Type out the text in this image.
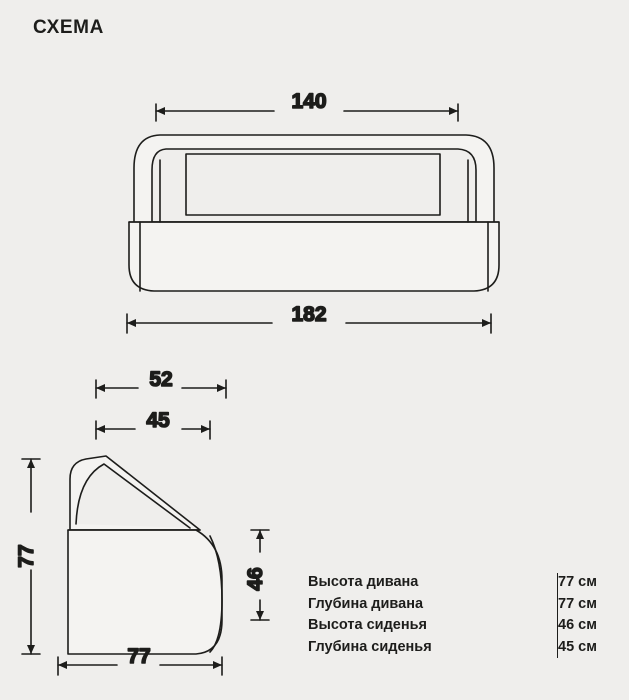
СХЕМА
140
182
52
45
77
46
77
Высота дивана	77 см
Глубина дивана	77 см
Высота сиденья	46 см
Глубина сиденья	45 см
